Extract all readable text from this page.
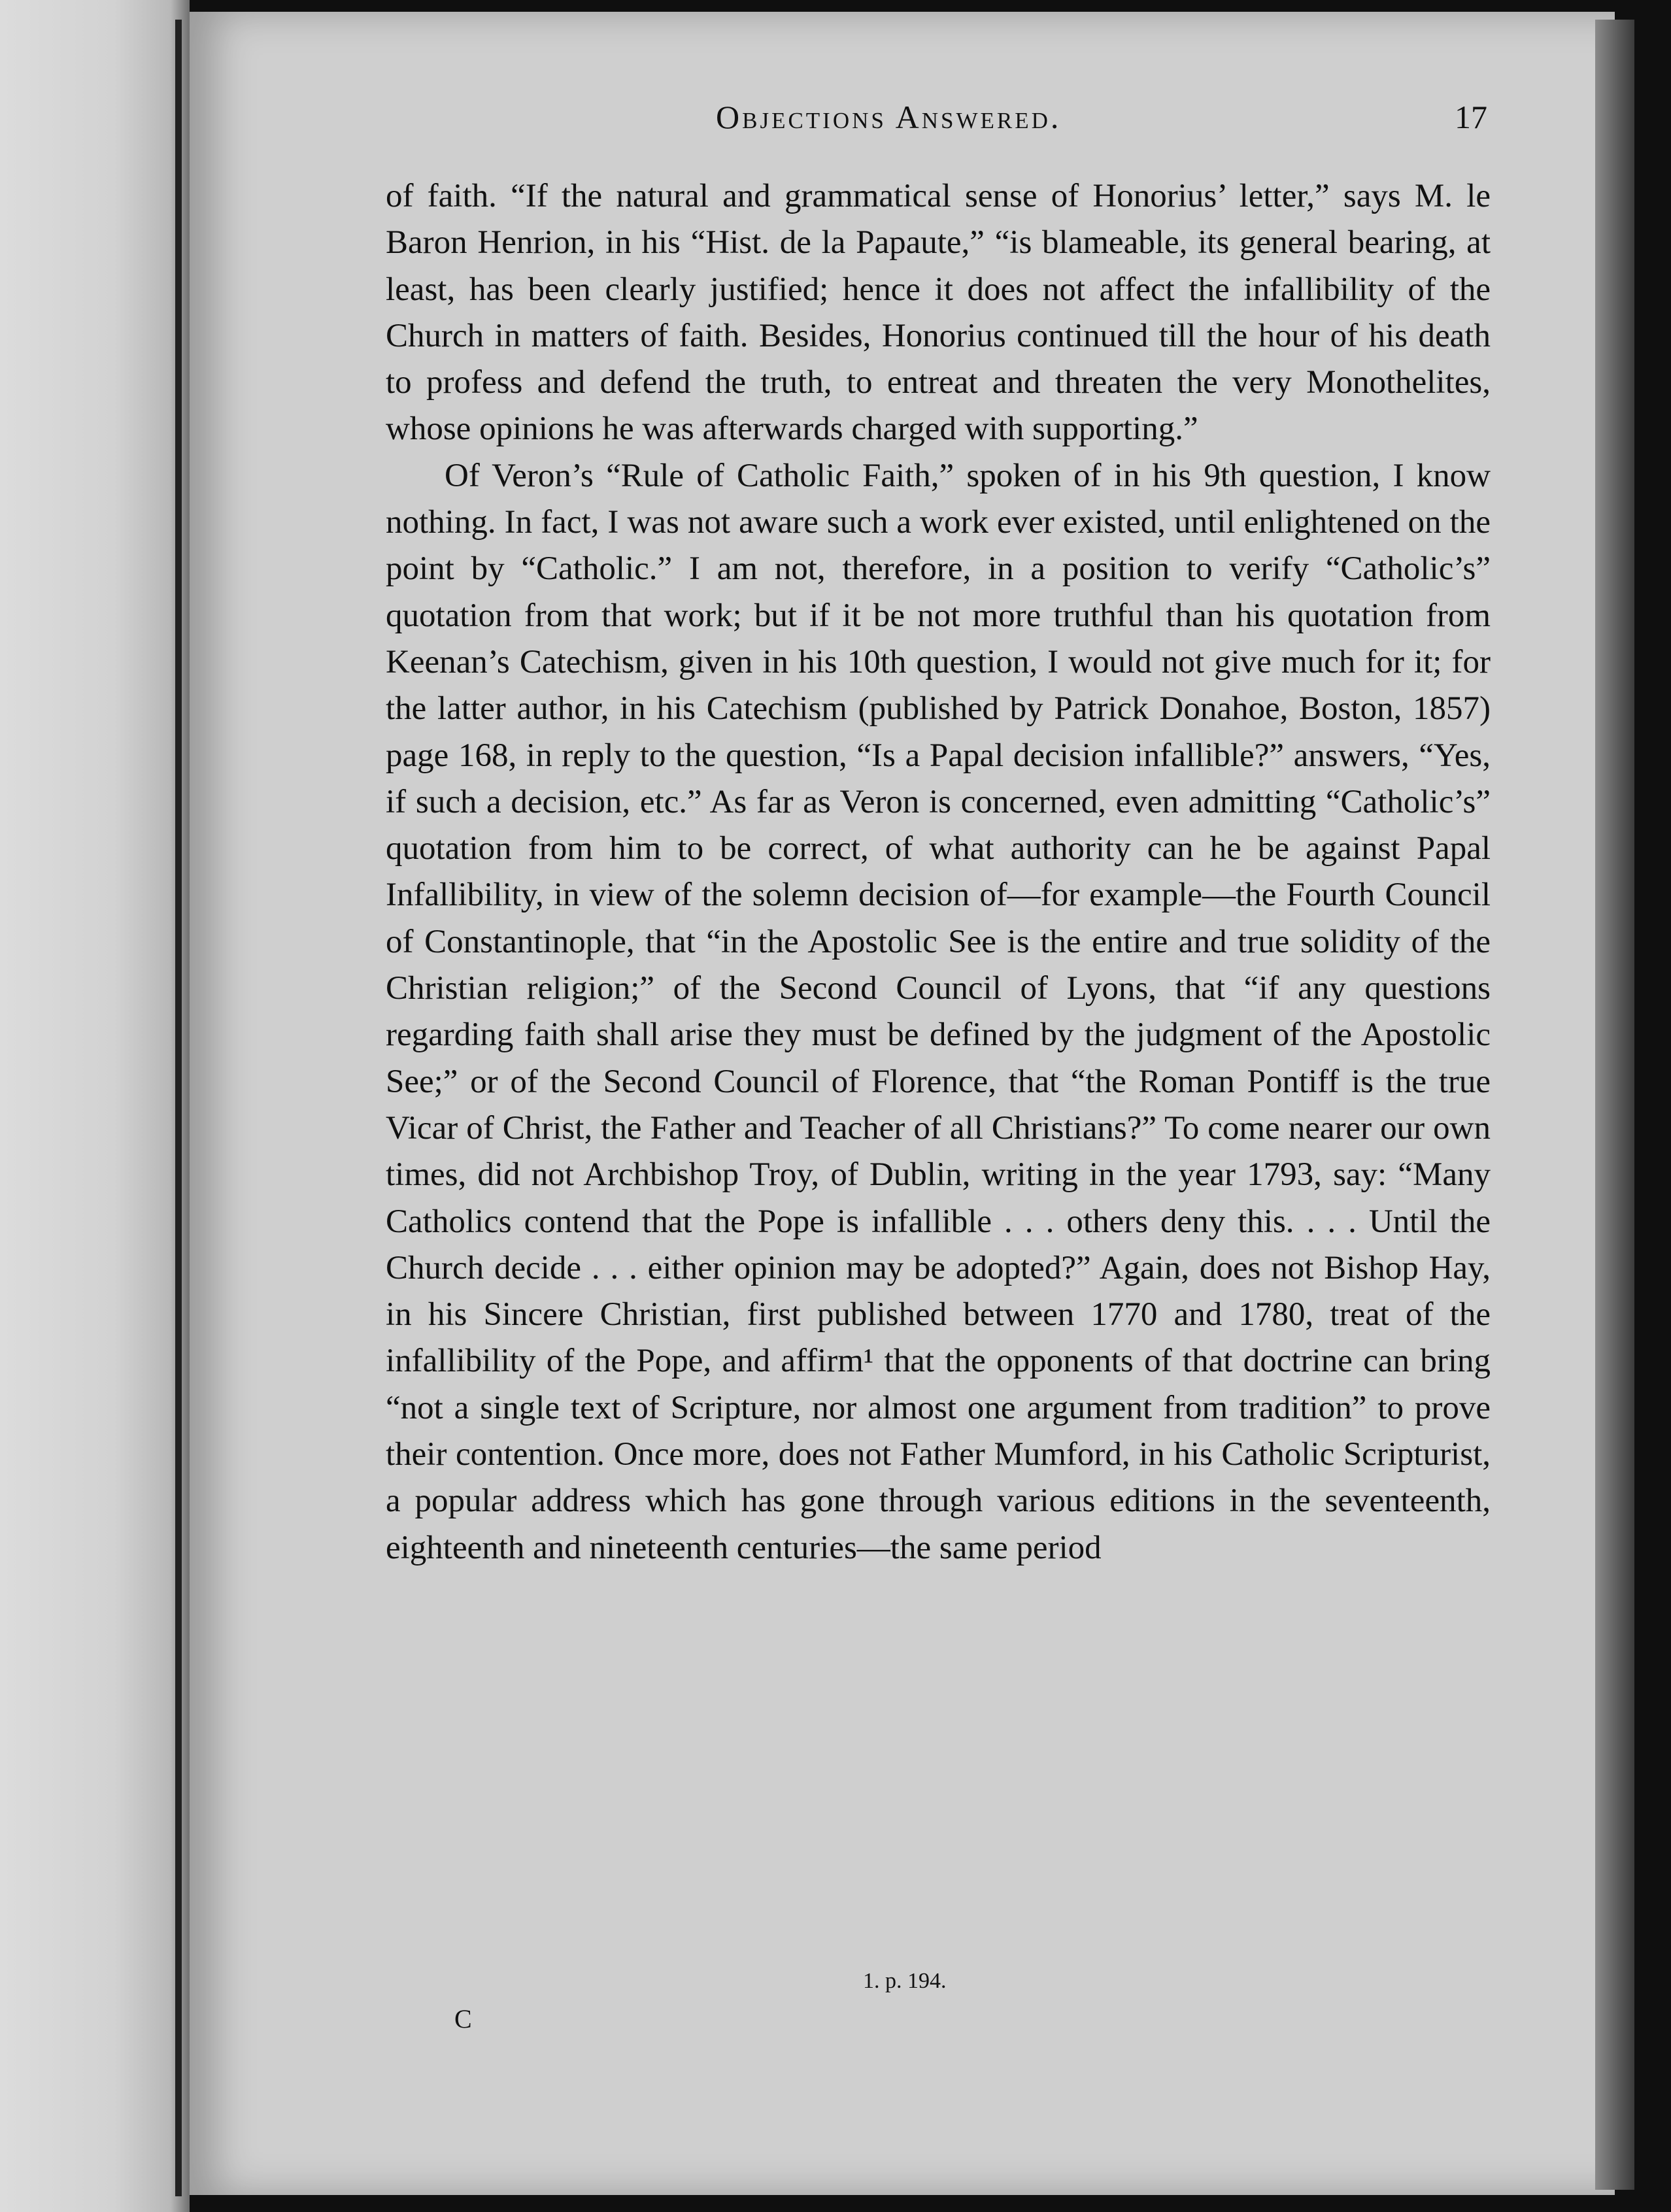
Objections Answered.	17

of faith. “If the natural and grammatical sense of Honorius’ letter,” says M. le Baron Henrion, in his “Hist. de la Papaute,” “is blameable, its general bearing, at least, has been clearly justified; hence it does not affect the infallibility of the Church in matters of faith. Besides, Honorius continued till the hour of his death to profess and defend the truth, to entreat and threaten the very Monothelites, whose opinions he was afterwards charged with supporting.”

Of Veron’s “Rule of Catholic Faith,” spoken of in his 9th question, I know nothing. In fact, I was not aware such a work ever existed, until enlightened on the point by “Catholic.” I am not, therefore, in a position to verify “Catholic’s” quotation from that work; but if it be not more truthful than his quotation from Keenan’s Catechism, given in his 10th question, I would not give much for it; for the latter author, in his Catechism (published by Patrick Donahoe, Boston, 1857) page 168, in reply to the question, “Is a Papal decision infallible?” answers, “Yes, if such a decision, etc.” As far as Veron is concerned, even admitting “Catholic’s” quotation from him to be correct, of what authority can he be against Papal Infallibility, in view of the solemn decision of—for example—the Fourth Council of Constantinople, that “in the Apostolic See is the entire and true solidity of the Christian religion;” of the Second Council of Lyons, that “if any questions regarding faith shall arise they must be defined by the judgment of the Apostolic See;” or of the Second Council of Florence, that “the Roman Pontiff is the true Vicar of Christ, the Father and Teacher of all Christians?” To come nearer our own times, did not Archbishop Troy, of Dublin, writing in the year 1793, say: “Many Catholics contend that the Pope is infallible . . . others deny this. . . . Until the Church decide . . . either opinion may be adopted?” Again, does not Bishop Hay, in his Sincere Christian, first published between 1770 and 1780, treat of the infallibility of the Pope, and affirm¹ that the opponents of that doctrine can bring “not a single text of Scripture, nor almost one argument from tradition” to prove their contention. Once more, does not Father Mumford, in his Catholic Scripturist, a popular address which has gone through various editions in the seventeenth, eighteenth and nineteenth centuries—the same period

1. p. 194.
C
